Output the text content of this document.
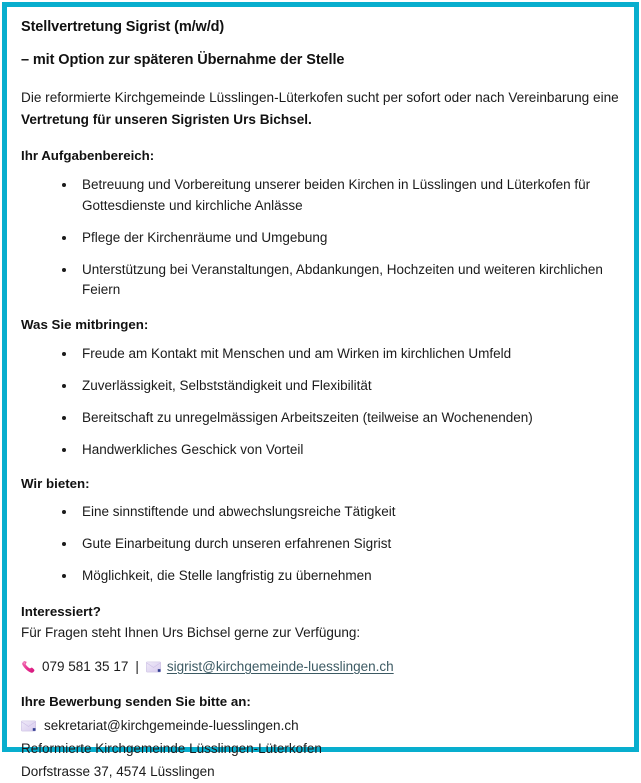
Stellvertretung Sigrist (m/w/d)
– mit Option zur späteren Übernahme der Stelle

Die reformierte Kirchgemeinde Lüsslingen-Lüterkofen sucht per sofort oder nach Vereinbarung eine Vertretung für unseren Sigristen Urs Bichsel.

Ihr Aufgabenbereich:
Betreuung und Vorbereitung unserer beiden Kirchen in Lüsslingen und Lüterkofen für Gottesdienste und kirchliche Anlässe
Pflege der Kirchenräume und Umgebung
Unterstützung bei Veranstaltungen, Abdankungen, Hochzeiten und weiteren kirchlichen Feiern
Was Sie mitbringen:
Freude am Kontakt mit Menschen und am Wirken im kirchlichen Umfeld
Zuverlässigkeit, Selbstständigkeit und Flexibilität
Bereitschaft zu unregelmässigen Arbeitszeiten (teilweise an Wochenenden)
Handwerkliches Geschick von Vorteil
Wir bieten:
Eine sinnstiftende und abwechslungsreiche Tätigkeit
Gute Einarbeitung durch unseren erfahrenen Sigrist
Möglichkeit, die Stelle langfristig zu übernehmen
Interessiert?
Für Fragen steht Ihnen Urs Bichsel gerne zur Verfügung:
079 581 35 17 | sigrist@kirchgemeinde-luesslingen.ch
Ihre Bewerbung senden Sie bitte an:
sekretariat@kirchgemeinde-luesslingen.ch
Reformierte Kirchgemeinde Lüsslingen-Lüterkofen
Dorfstrasse 37, 4574 Lüsslingen
